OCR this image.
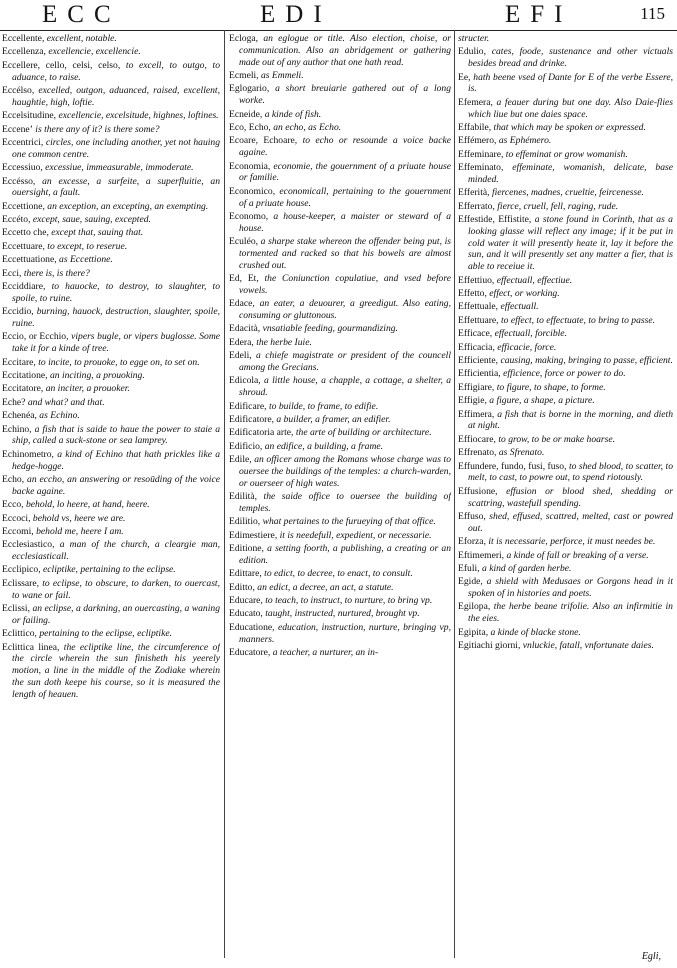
ECC	EDI	EFI	115
Eccellente, excellent, notable.
Eccellenza, excellencie, excellencie.
Eccellere, cello, celsi, celso, to excell, to outgo, to aduance, to raise.
Eccélso, excelled, outgon, aduanced, raised, excellent, haughtie, high, loftie.
Eccelsitudine, excellencie, excelsitude, highnes, loftines.
Ecceneʼ is there any of it? is there some?
Eccentrici, circles, one including another, yet not hauing one common centre.
Eccessiuo, excessiue, immeasurable, immoderate.
Eccésso, an excesse, a surfeite, a superfluitie, an ouersight, a fault.
Eccettione, an exception, an excepting, an exempting.
Eccéto, except, saue, sauing, excepted.
Eccetto che, except that, sauing that.
Eccettuare, to except, to reserue.
Eccettuatione, as Eccettione.
Ecci, there is, is there?
Ecciddiare, to hauocke, to destroy, to slaughter, to spoile, to ruine.
Eccidio, burning, hauock, destruction, slaughter, spoile, ruine.
Eccio, or Ecchio, vipers bugle, or vipers buglosse. Some take it for a kinde of tree.
Eccitare, to incite, to prouoke, to egge on, to set on.
Eccitatione, an inciting, a prouoking.
Eccitatore, an inciter, a prouoker.
Eche? and what? and that.
Echenéa, as Echino.
Echino, a fish that is saide to haue the power to staie a ship, called a suck-stone or sea lamprey.
Echinometro, a kind of Echino that hath prickles like a hedge-hogge.
Echo, an eccho, an answering or resoūding of the voice backe againe.
Ecco, behold, lo heere, at hand, heere.
Eccoci, behold vs, heere we are.
Eccomi, behold me, heere I am.
Ecclesiastico, a man of the church, a cleargie man, ecclesiasticall.
Ecclipico, ecliptike, pertaining to the eclipse.
Eclissare, to eclipse, to obscure, to darken, to ouercast, to wane or fail.
Eclissi, an eclipse, a darkning, an ouercasting, a waning or failing.
Eclittico, pertaining to the eclipse, ecliptike.
Eclittica linea, the ecliptike line, the circumference of the circle wherein the sun finisheth his yeerely motion, a line in the middle of the Zodiake wherein the sun doth keepe his course, so it is measured the length of heauen.
Ecloga, an eglogue or title. Also election, choise, or communication. Also an abridgement or gathering made out of any author that one hath read.
Ecmeli, as Emmeli.
Eglogario, a short breuiarie gathered out of a long worke.
Ecneide, a kinde of fish.
Eco, Echo, an echo, as Echo.
Ecoare, Echoare, to echo or resounde a voice backe againe.
Economia, economie, the gouernment of a priuate house or familie.
Economico, economicall, pertaining to the gouernment of a priuate house.
Economo, a house-keeper, a maister or steward of a house.
Eculéo, a sharpe stake whereon the offender being put, is tormented and racked so that his bowels are almost crushed out.
Ed, Et, the Coniunction copulatiue, and vsed before vowels.
Edace, an eater, a deuourer, a greedigut. Also eating, consuming or gluttonous.
Edacità, vnsatiable feeding, gourmandizing.
Edera, the herbe Iuie.
Edeli, a chiefe magistrate or president of the councell among the Grecians.
Edicola, a little house, a chapple, a cottage, a shelter, a shroud.
Edificare, to builde, to frame, to edifie.
Edificatore, a builder, a framer, an edifier.
Edificatoria arte, the arte of building or architecture.
Edificio, an edifice, a building, a frame.
Edile, an officer among the Romans whose charge was to ouersee the buildings of the temples: a church-warden, or ouerseer of high wates.
Edilità, the saide office to ouersee the building of temples.
Edilitio, what pertaines to the furueying of that office.
Edimestiere, it is needefull, expedient, or necessarie.
Editione, a setting foorth, a publishing, a creating or an edition.
Edittare, to edict, to decree, to enact, to consult.
Editto, an edict, a decree, an act, a statute.
Educare, to teach, to instruct, to nurture, to bring vp.
Educato, taught, instructed, nurtured, brought vp.
Educatione, education, instruction, nurture, bringing vp, manners.
Educatore, a teacher, a nurturer, an in-
structer.
Edulio, cates, foode, sustenance and other victuals besides bread and drinke.
Ee, hath beene vsed of Dante for E of the verbe Essere, is.
Efemera, a feauer during but one day. Also Daie-flies which liue but one daies space.
Effabile, that which may be spoken or expressed.
Effémero, as Ephémero.
Effeminare, to effeminat or grow womanish.
Effeminato, effeminate, womanish, delicate, base minded.
Efferità, fiercenes, madnes, crueltie, feircenesse.
Efferrato, fierce, cruell, fell, raging, rude.
Effestide, Effistite, a stone found in Corinth, that as a looking glasse will reflect any image; if it be put in cold water it will presently heate it, lay it before the sun, and it will presently set any matter a fier, that is able to receiue it.
Effettiuo, effectuall, effectiue.
Effetto, effect, or working.
Effettuale, effectuall.
Effettuare, to effect, to effectuate, to bring to passe.
Efficace, effectuall, forcible.
Efficacia, efficacie, force.
Efficiente, causing, making, bringing to passe, efficient.
Efficientia, efficience, force or power to do.
Effigiare, to figure, to shape, to forme.
Effigie, a figure, a shape, a picture.
Effimera, a fish that is borne in the morning, and dieth at night.
Effiocare, to grow, to be or make hoarse.
Effrenato, as Sfrenato.
Effundere, fundo, fusi, fuso, to shed blood, to scatter, to melt, to cast, to powre out, to spend riotously.
Effusione, effusion or blood shed, shedding or scattring, wastefull spending.
Effuso, shed, effused, scattred, melted, cast or powred out.
Eforza, it is necessarie, perforce, it must needes be.
Eftimemeri, a kinde of fall or breaking of a verse.
Efuli, a kind of garden herbe.
Egide, a shield with Medusaes or Gorgons head in it spoken of in histories and poets.
Egilopa, the herbe beane trifolie. Also an infirmitie in the eies.
Egipita, a kinde of blacke stone.
Egitiachi giorni, vnluckie, fatall, vnfortunate daies.
Egli,
